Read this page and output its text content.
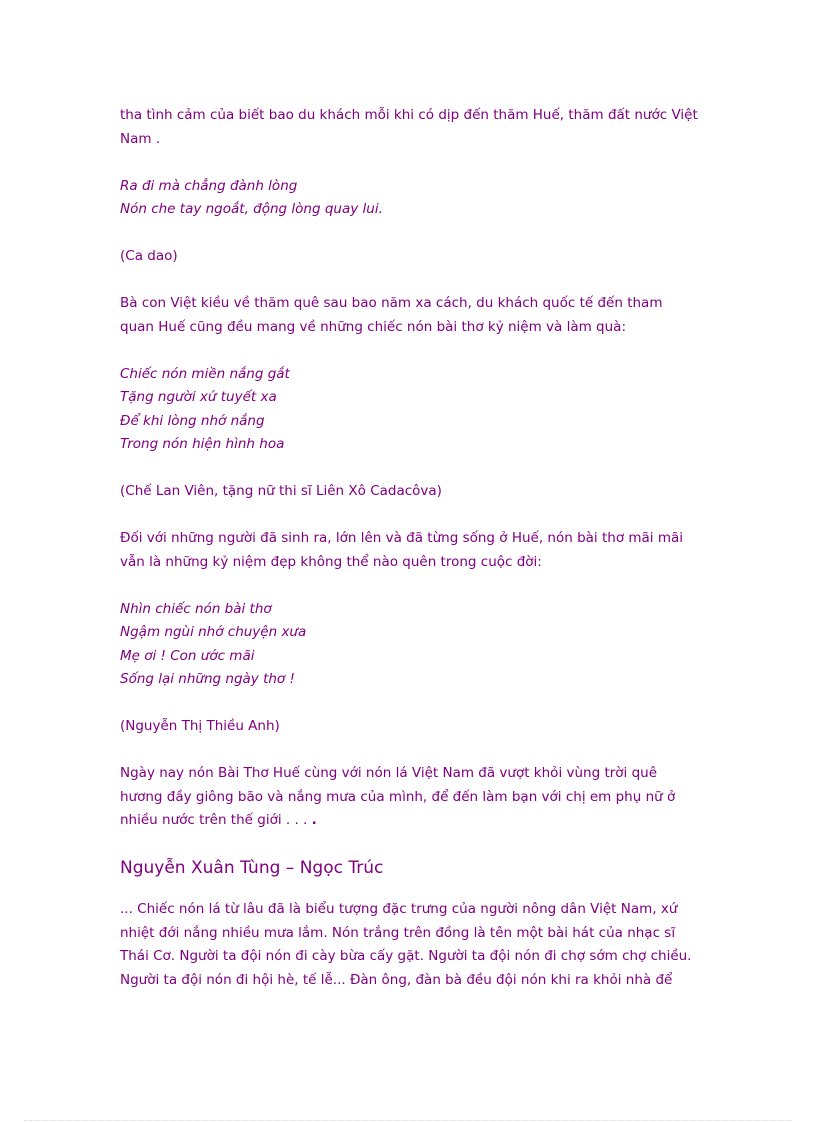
tha tình cảm của biết bao du khách mỗi khi có dịp đến thăm Huế, thăm đất nước Việt
Nam .

Ra đi mà chẳng đành lòng
Nón che tay ngoắt, động lòng quay lui.

(Ca dao)

Bà con Việt kiều về thăm quê sau bao năm xa cách, du khách quốc tế đến tham
quan Huế cũng đều mang về những chiếc nón bài thơ kỷ niệm và làm quà:

Chiếc nón miền nắng gắt
Tặng người xứ tuyết xa
Để khi lòng nhớ nắng
Trong nón hiện hình hoa

(Chế Lan Viên, tặng nữ thi sĩ Liên Xô Cadacôva)

Đối với những người đã sinh ra, lớn lên và đã từng sống ở Huế, nón bài thơ mãi mãi
vẫn là những kỷ niệm đẹp không thể nào quên trong cuộc đời:

Nhìn chiếc nón bài thơ
Ngậm ngùi nhớ chuyện xưa
Mẹ ơi ! Con ước mãi
Sống lại những ngày thơ !

(Nguyễn Thị Thiều Anh)

Ngày nay nón Bài Thơ Huế cùng với nón lá Việt Nam đã vượt khỏi vùng trời quê
hương đầy giông bão và nắng mưa của mình, để đến làm bạn với chị em phụ nữ ở
nhiều nước trên thế giới . . . .

Nguyễn Xuân Tùng – Ngọc Trúc

... Chiếc nón lá từ lâu đã là biểu tượng đặc trưng của người nông dân Việt Nam, xứ
nhiệt đới nắng nhiều mưa lắm. Nón trắng trên đồng là tên một bài hát của nhạc sĩ
Thái Cơ. Người ta đội nón đi cày bừa cấy gặt. Người ta đội nón đi chợ sớm chợ chiều.
Người ta đội nón đi hội hè, tế lễ... Đàn ông, đàn bà đều đội nón khi ra khỏi nhà để
